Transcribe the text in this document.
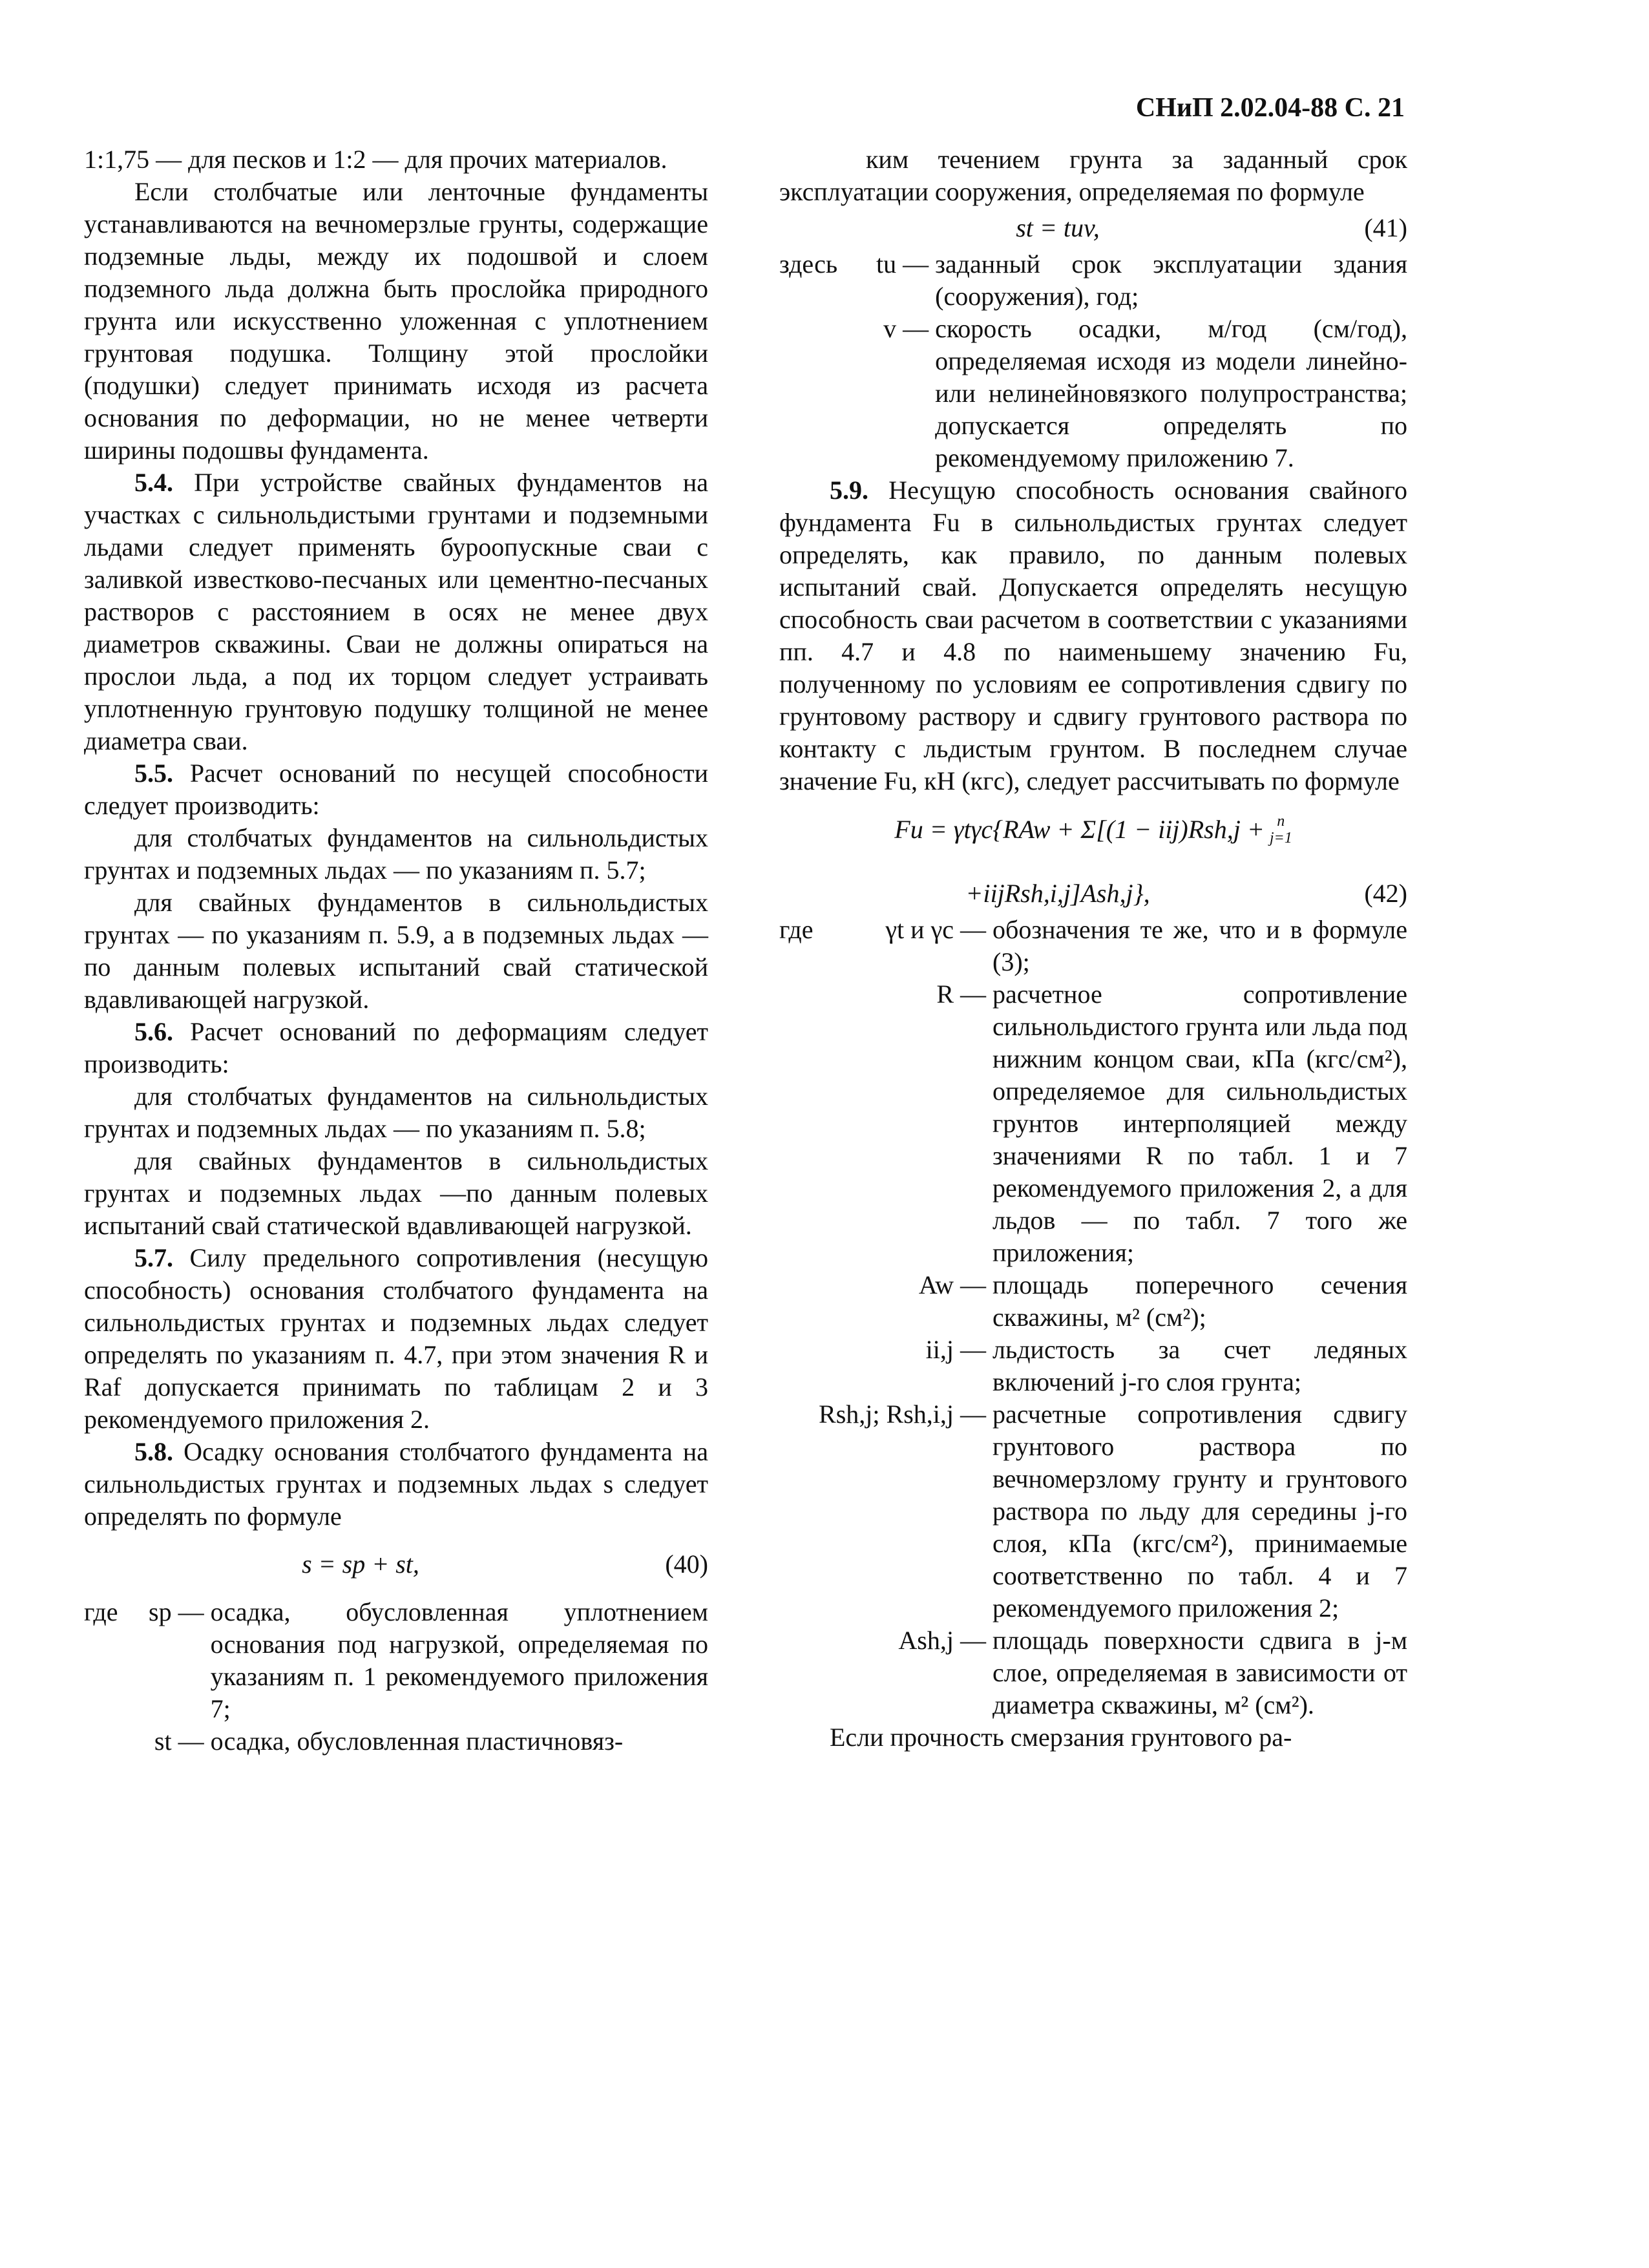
СНиП 2.02.04-88 С. 21

1:1,75 — для песков и 1:2 — для прочих материалов.

Если столбчатые или ленточные фундаменты устанавливаются на вечномерзлые грунты, содержащие подземные льды, между их подошвой и слоем подземного льда должна быть прослойка природного грунта или искусственно уложенная с уплотнением грунтовая подушка. Толщину этой прослойки (подушки) следует принимать исходя из расчета основания по деформации, но не менее четверти ширины подошвы фундамента.

5.4. При устройстве свайных фундаментов на участках с сильнольдистыми грунтами и подземными льдами следует применять буроопускные сваи с заливкой известково-песчаных или цементно-песчаных растворов с расстоянием в осях не менее двух диаметров скважины. Сваи не должны опираться на прослои льда, а под их торцом следует устраивать уплотненную грунтовую подушку толщиной не менее диаметра сваи.

5.5. Расчет оснований по несущей способности следует производить:

для столбчатых фундаментов на сильнольдистых грунтах и подземных льдах — по указаниям п. 5.7;

для свайных фундаментов в сильнольдистых грунтах — по указаниям п. 5.9, а в подземных льдах — по данным полевых испытаний свай статической вдавливающей нагрузкой.

5.6. Расчет оснований по деформациям следует производить:

для столбчатых фундаментов на сильнольдистых грунтах и подземных льдах — по указаниям п. 5.8;

для свайных фундаментов в сильнольдистых грунтах и подземных льдах —по данным полевых испытаний свай статической вдавливающей нагрузкой.

5.7. Силу предельного сопротивления (несущую способность) основания столбчатого фундамента на сильнольдистых грунтах и подземных льдах следует определять по указаниям п. 4.7, при этом значения R и Raf допускается принимать по таблицам 2 и 3 рекомендуемого приложения 2.

5.8. Осадку основания столбчатого фундамента на сильнольдистых грунтах и подземных льдах s следует определять по формуле

s = sp + st,	(40)
где	sp —	осадка, обусловленная уплотнением основания под нагрузкой, определяемая по указаниям п. 1 рекомендуемого приложения 7;
	st —	осадка, обусловленная пластичновяз-

ким течением грунта за заданный срок эксплуатации сооружения, определяемая по формуле

st = tuv,	(41)
здесь	tu —	заданный срок эксплуатации здания (сооружения), год;
	v —	скорость осадки, м/год (см/год), определяемая исходя из модели линейно- или нелинейновязкого полупространства; допускается определять по рекомендуемому приложению 7.

5.9. Несущую способность основания свайного фундамента Fu в сильнольдистых грунтах следует определять, как правило, по данным полевых испытаний свай. Допускается определять несущую способность сваи расчетом в соответствии с указаниями пп. 4.7 и 4.8 по наименьшему значению Fu, полученному по условиям ее сопротивления сдвигу по грунтовому раствору и сдвигу грунтового раствора по контакту с льдистым грунтом. В последнем случае значение Fu, кН (кгс), следует рассчитывать по формуле

Fu = γtγc{RAw + Σ[(1 − iij)Rsh,j + n
j=1
+iijRsh,i,j]Ash,j},	(42)
где	γt и γc —	обозначения те же, что и в формуле (3);
	R —	расчетное сопротивление сильнольдистого грунта или льда под нижним концом сваи, кПа (кгс/см²), определяемое для сильнольдистых грунтов интерполяцией между значениями R по табл. 1 и 7 рекомендуемого приложения 2, а для льдов — по табл. 7 того же приложения;
	Aw —	площадь поперечного сечения скважины, м² (см²);
	ii,j —	льдистость за счет ледяных включений j-го слоя грунта;
	Rsh,j; Rsh,i,j —	расчетные сопротивления сдвигу грунтового раствора по вечномерзлому грунту и грунтового раствора по льду для середины j-го слоя, кПа (кгс/см²), принимаемые соответственно по табл. 4 и 7 рекомендуемого приложения 2;
	Ash,j —	площадь поверхности сдвига в j-м слое, определяемая в зависимости от диаметра скважины, м² (см²).

Если прочность смерзания грунтового ра-
